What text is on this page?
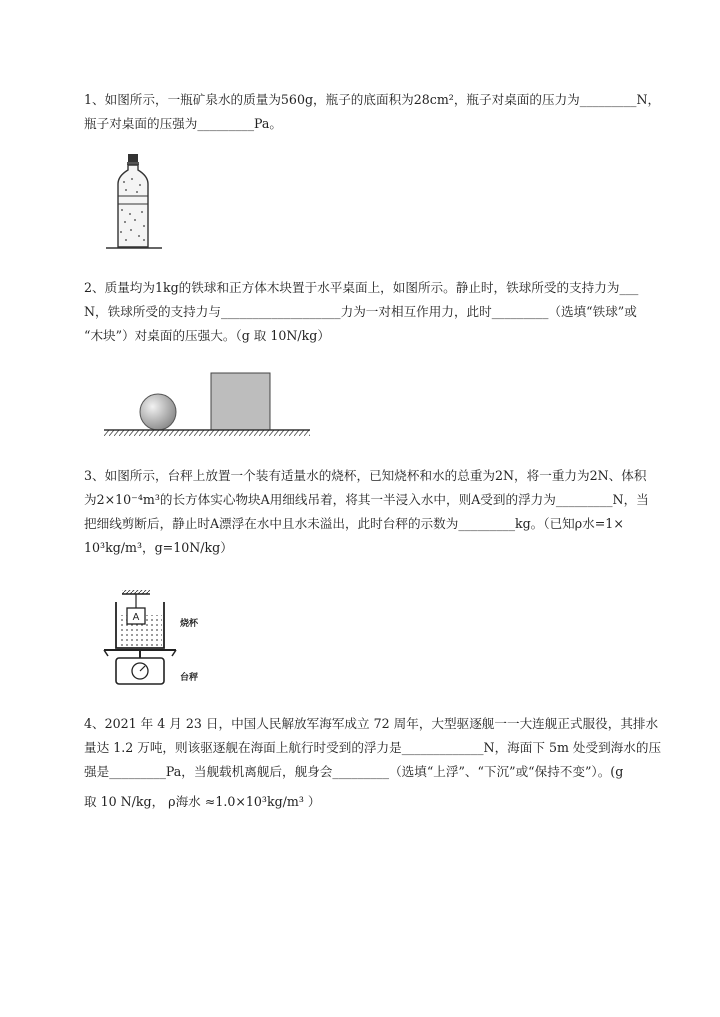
1、如图所示，一瓶矿泉水的质量为560g，瓶子的底面积为28cm²，瓶子对桌面的压力为_________N，

瓶子对桌面的压强为_________Pa。

2、质量均为1kg的铁球和正方体木块置于水平桌面上，如图所示。静止时，铁球所受的支持力为___

N，铁球所受的支持力与___________________力为一对相互作用力，此时_________（选填“铁球”或

“木块”）对桌面的压强大。（g 取 10N/kg）

3、如图所示，台秤上放置一个装有适量水的烧杯，已知烧杯和水的总重为2N，将一重力为2N、体积

为2×10⁻⁴m³的长方体实心物块A用细线吊着，将其一半浸入水中，则A受到的浮力为_________N，当

把细线剪断后，静止时A漂浮在水中且水未溢出，此时台秤的示数为_________kg。（已知ρ水=1×

10³kg/m³，g=10N/kg）

A
烧杯
台秤

4、2021 年 4 月 23 日，中国人民解放军海军成立 72 周年，大型驱逐舰一一大连舰正式服役，其排水

量达 1.2 万吨，则该驱逐舰在海面上航行时受到的浮力是_____________N，海面下 5m 处受到海水的压

强是_________Pa，当舰载机离舰后，舰身会_________（选填“上浮”、“下沉”或“保持不变”）。(g

取 10 N/kg， ρ海水 ≈1.0×10³kg/m³ ）
